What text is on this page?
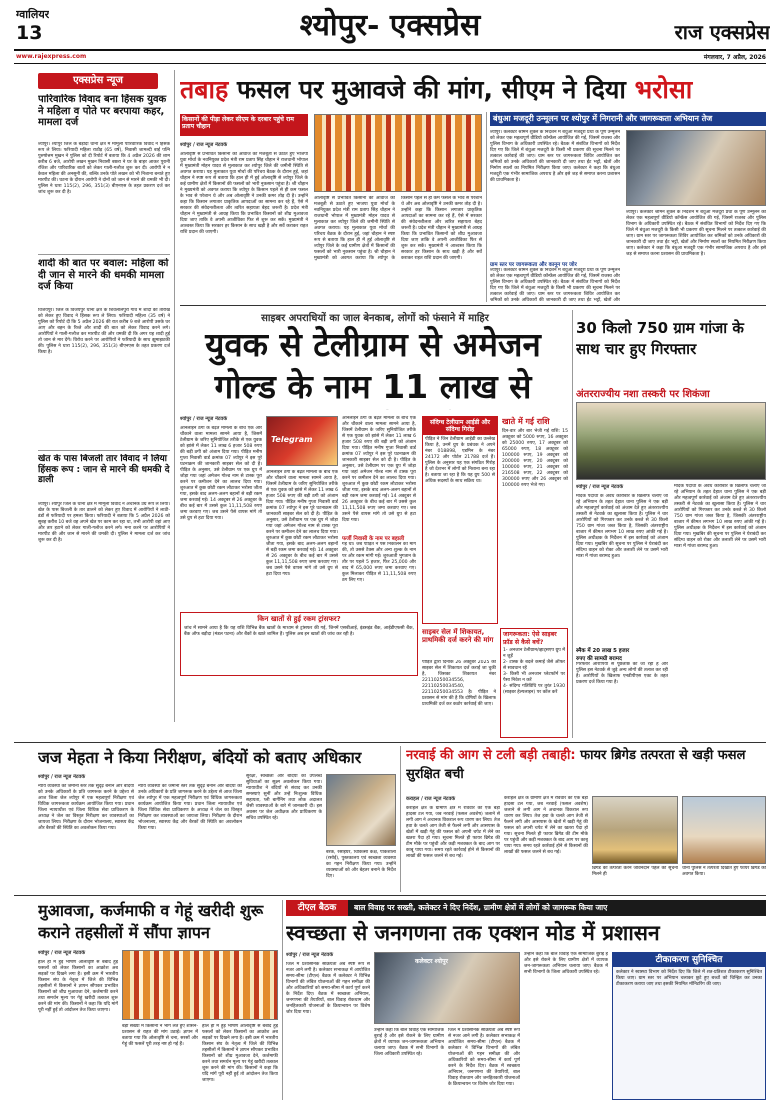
ग्वालियर
13	श्योपुर- एक्सप्रेस	राज एक्सप्रेस
www.rajexpress.com	मंगलवार, 7 अप्रैल, 2026
एक्सप्रेस न्यूज
पारिवारिक विवाद बना हिंसक युवक ने महिला व पोते पर बरपाया कहर, मामला दर्ज
श्योपुर। श्योपुर जिले के बड़ौदा थाना क्षेत्र में मामूली पारिवारिक विवाद ने हिंसक रूप ले लिया। फरियादी महिला राठौड़ (65 वर्ष), निवासी जामल्दी बाई पत्नि पुरुषोत्तम मुखन ने पुलिस को दी रिपोर्ट में बताया कि 4 अप्रैल 2026 की शाम करीब 6 बजे, आरोपी लखन मुखन निवासी बछरा ने घर के बाहर आकर पुरानी रंजिश और पारिवारिक बातों को लेकर गाली-गलौज शुरू कर दी। आरोपी ने न केवल महिला की अनसुनी की, बल्कि उनके पोते लखन को भी निशाना बनाते हुए मारपीट की। घटना के दौरान आरोपी ने दोनों को जान से मारने की धमकी भी दी। पुलिस ने धारा 115(2), 296, 351(3) बीएनएस के तहत प्रकरण दर्ज कर जांच शुरू कर दी है।
शादी की बात पर बवाल: महिला को दी जान से मारने की धमकी मामला दर्ज किया
विजयपुर। जिले के विजयपुर थाना क्षेत्र के शिवलालपुरा गांव में शादी की तारीख को लेकर हुए विवाद ने हिंसक रूप ले लिया। फरियादी महिला (35 वर्ष) ने पुलिस को रिपोर्ट दी कि 5 अप्रैल 2026 की रात करीब 9 बजे आरोपी उसके घर आए और बहन के रिश्ते और शादी की बात को लेकर विवाद करने लगे। आरोपियों ने गाली-गलौज कर मारपीट की और धमकी दी कि अगर यह शादी हुई तो जान से मार देंगे। विरोध करने पर आरोपियों ने फरियादी के साथ झूमाझटकी की। पुलिस ने धारा 115(2), 296, 351(3) बीएनएस के तहत प्रकरण दर्ज किया है।
खेत के पास बिजली तार विवाद ने लिया हिंसक रूप : जान से मारने की धमकी दे डाली
श्योपुर। श्योपुर जिले के थाना क्षेत्र में मामूली विवाद ने अचानक उग्र रूप ले लिया। खेत के पास बिजली के तार डालने को लेकर हुए विवाद में आरोपियों ने लाठी-डंडों से फरियादी पर हमला किया। फरियादी ने बताया कि 5 अप्रैल 2026 को सुबह करीब 10 बजे वह अपने खेत पर काम कर रहा था, तभी आरोपी वहां आए और तार हटाने को लेकर गाली-गलौज करने लगे। मना करने पर आरोपियों ने मारपीट की और जान से मारने की धमकी दी। पुलिस ने मामला दर्ज कर जांच शुरू कर दी है।
तबाह फसल पर मुआवजे की मांग, सीएम ने दिया भरोसा
किसानों की पीड़ा लेकर सीएम के दरबार पहुंचे राम प्रताप चौहान
श्योपुर / राज न्यूज नेटवर्क
ओलावृष्टि से प्रभावित किसानों की आवाज को मजबूती से उठाते हुए भाजपा युवा मोर्चा के नवनियुक्त प्रदेश मंत्री राम प्रताप सिंह चौहान ने राजधानी भोपाल में मुख्यमंत्री मोहन यादव से मुलाकात कर श्योपुर जिले की जमीनी स्थिति से अवगत कराया। यह मुलाकात युवा मोर्चा की परिचय बैठक के दौरान हुई, जहां चौहान ने स्पष्ट रूप से बताया कि हाल ही में हुई ओलावृष्टि से श्योपुर जिले के कई ग्रामीण क्षेत्रों में किसानों की फसलों को भारी नुकसान पहुंचा है। श्री चौहान ने मुख्यमंत्री को अवगत कराया कि श्योपुर के किसान पहले से ही कम फसल के भाव से परेशान थे और अब ओलावृष्टि ने उनकी कमर तोड़ दी है। उन्होंने कहा कि किसान लगातार प्राकृतिक आपदाओं का सामना कर रहे हैं, ऐसे में सरकार की संवेदनशीलता और त्वरित सहायता बेहद जरूरी है। प्रदेश मंत्री चौहान ने मुख्यमंत्री से आग्रह किया कि प्रभावित किसानों को शीघ्र मुआवजा दिया जाए ताकि वे अपनी आजीविका फिर से शुरू कर सकें। मुख्यमंत्री ने आश्वस्त किया कि सरकार हर किसान के साथ खड़ी है और सर्वे कराकर राहत राशि प्रदान की जाएगी।
ओलावृष्टि से प्रभावित किसानों की आवाज को मजबूती से उठाते हुए भाजपा युवा मोर्चा के नवनियुक्त प्रदेश मंत्री राम प्रताप सिंह चौहान ने राजधानी भोपाल में मुख्यमंत्री मोहन यादव से मुलाकात कर श्योपुर जिले की जमीनी स्थिति से अवगत कराया। यह मुलाकात युवा मोर्चा की परिचय बैठक के दौरान हुई, जहां चौहान ने स्पष्ट रूप से बताया कि हाल ही में हुई ओलावृष्टि से श्योपुर जिले के कई ग्रामीण क्षेत्रों में किसानों की फसलों को भारी नुकसान पहुंचा है। श्री चौहान ने मुख्यमंत्री को अवगत कराया कि श्योपुर के किसान पहले से ही कम फसल के भाव से परेशान थे और अब ओलावृष्टि ने उनकी कमर तोड़ दी है। उन्होंने कहा कि किसान लगातार प्राकृतिक आपदाओं का सामना कर रहे हैं, ऐसे में सरकार की संवेदनशीलता और त्वरित सहायता बेहद जरूरी है। प्रदेश मंत्री चौहान ने मुख्यमंत्री से आग्रह किया कि प्रभावित किसानों को शीघ्र मुआवजा दिया जाए ताकि वे अपनी आजीविका फिर से शुरू कर सकें। मुख्यमंत्री ने आश्वस्त किया कि सरकार हर किसान के साथ खड़ी है और सर्वे कराकर राहत राशि प्रदान की जाएगी।
बंधुआ मजदूरी उन्मूलन पर श्योपुर में निगरानी और जागरूकता अभियान तेज
श्योपुर। कलेक्टर श्रीमन शुक्ल के निर्देशन में बंधुआ मजदूरी प्रथा के पूर्ण उन्मूलन को लेकर एक महत्वपूर्ण वीडियो कॉन्फ्रेंस आयोजित की गई, जिसमें राजस्व और पुलिस विभाग के अधिकारी उपस्थित रहे। बैठक में संबंधित विभागों को निर्देश दिए गए कि जिले में बंधुआ मजदूरी के किसी भी प्रकरण की सूचना मिलने पर तत्काल कार्रवाई की जाए। ग्राम स्तर पर जागरूकता शिविर आयोजित कर श्रमिकों को उनके अधिकारों की जानकारी दी जाए तथा ईंट भट्टों, खेतों और निर्माण स्थलों का नियमित निरीक्षण किया जाए। कलेक्टर ने कहा कि बंधुआ मजदूरी एक गंभीर सामाजिक अपराध है और इसे जड़ से समाप्त करना प्रशासन की प्राथमिकता है।
श्योपुर। कलेक्टर श्रीमन शुक्ल के निर्देशन में बंधुआ मजदूरी प्रथा के पूर्ण उन्मूलन को लेकर एक महत्वपूर्ण वीडियो कॉन्फ्रेंस आयोजित की गई, जिसमें राजस्व और पुलिस विभाग के अधिकारी उपस्थित रहे। बैठक में संबंधित विभागों को निर्देश दिए गए कि जिले में बंधुआ मजदूरी के किसी भी प्रकरण की सूचना मिलने पर तत्काल कार्रवाई की जाए। ग्राम स्तर पर जागरूकता शिविर आयोजित कर श्रमिकों को उनके अधिकारों की जानकारी दी जाए तथा ईंट भट्टों, खेतों और निर्माण स्थलों का नियमित निरीक्षण किया जाए। कलेक्टर ने कहा कि बंधुआ मजदूरी एक गंभीर सामाजिक अपराध है और इसे जड़ से समाप्त करना प्रशासन की प्राथमिकता है।
ग्राम स्तर पर जागरूकता और कानून पर जोर
श्योपुर। कलेक्टर श्रीमन शुक्ल के निर्देशन में बंधुआ मजदूरी प्रथा के पूर्ण उन्मूलन को लेकर एक महत्वपूर्ण वीडियो कॉन्फ्रेंस आयोजित की गई, जिसमें राजस्व और पुलिस विभाग के अधिकारी उपस्थित रहे। बैठक में संबंधित विभागों को निर्देश दिए गए कि जिले में बंधुआ मजदूरी के किसी भी प्रकरण की सूचना मिलने पर तत्काल कार्रवाई की जाए। ग्राम स्तर पर जागरूकता शिविर आयोजित कर श्रमिकों को उनके अधिकारों की जानकारी दी जाए तथा ईंट भट्टों, खेतों और
साइबर अपराधियों का जाल बेनकाब, लोगों को फंसाने में माहिर
युवक से टेलीग्राम से अमेजन गोल्ड के नाम 11 लाख से
Telegram
श्योपुर / राज न्यूज नेटवर्क
ऑनलाइन ठगी के बढ़ते मामलों के बीच एक और चौंकाने वाला मामला सामने आया है, जिसमें टेलीग्राम के जरिए सुनियोजित तरीके से एक युवक को झांसे में लेकर 11 लाख 6 हजार 508 रुपए की बड़ी ठगी को अंजाम दिया गया। पीड़ित मनीष गुप्ता निवासी वार्ड क्रमांक 07 श्योपुर ने इस पूरे घटनाक्रम की जानकारी साइबर सेल को दी है। पीड़ित के अनुसार, उसे टेलीग्राम पर एक ग्रुप में जोड़ा गया जहां अमेजन गोल्ड नाम से टास्क पूरा करने पर कमीशन देने का लालच दिया गया। शुरुआत में कुछ छोटी रकम लौटाकर भरोसा जीता गया, इसके बाद अलग-अलग बहानों से बड़ी रकम जमा करवाई गई। 14 अक्टूबर से 26 अक्टूबर के बीच कई बार में उससे कुल 11,11,508 रुपए जमा करवाए गए। जब उसने पैसे वापस मांगे तो उसे ग्रुप से हटा दिया गया।
ऑनलाइन ठगी के बढ़ते मामलों के बीच एक और चौंकाने वाला मामला सामने आया है, जिसमें टेलीग्राम के जरिए सुनियोजित तरीके से एक युवक को झांसे में लेकर 11 लाख 6 हजार 508 रुपए की बड़ी ठगी को अंजाम दिया गया। पीड़ित मनीष गुप्ता निवासी वार्ड क्रमांक 07 श्योपुर ने इस पूरे घटनाक्रम की जानकारी साइबर सेल को दी है। पीड़ित के अनुसार, उसे टेलीग्राम पर एक ग्रुप में जोड़ा गया जहां अमेजन गोल्ड नाम से टास्क पूरा करने पर कमीशन देने का लालच दिया गया। शुरुआत में कुछ छोटी रकम लौटाकर भरोसा जीता गया, इसके बाद अलग-अलग बहानों से बड़ी रकम जमा करवाई गई। 14 अक्टूबर से 26 अक्टूबर के बीच कई बार में उससे कुल 11,11,508 रुपए जमा करवाए गए। जब उसने पैसे वापस मांगे तो उसे ग्रुप से हटा दिया गया।
ऑनलाइन ठगी के बढ़ते मामलों के बीच एक और चौंकाने वाला मामला सामने आया है, जिसमें टेलीग्राम के जरिए सुनियोजित तरीके से एक युवक को झांसे में लेकर 11 लाख 6 हजार 508 रुपए की बड़ी ठगी को अंजाम दिया गया। पीड़ित मनीष गुप्ता निवासी वार्ड क्रमांक 07 श्योपुर ने इस पूरे घटनाक्रम की जानकारी साइबर सेल को दी है। पीड़ित के अनुसार, उसे टेलीग्राम पर एक ग्रुप में जोड़ा गया जहां अमेजन गोल्ड नाम से टास्क पूरा करने पर कमीशन देने का लालच दिया गया। शुरुआत में कुछ छोटी रकम लौटाकर भरोसा जीता गया, इसके बाद अलग-अलग बहानों से बड़ी रकम जमा करवाई गई। 14 अक्टूबर से 26 अक्टूबर के बीच कई बार में उससे कुल 11,11,508 रुपए जमा करवाए गए। जब उसने पैसे वापस मांगे तो उसे ग्रुप से हटा दिया गया।
फर्जी निवासी के नाम पर बहाली
गई थीं। जब पीड़ित ने पैसे निकालने की मांग की, तो उससे टैक्स और अन्य शुल्क के नाम पर और रकम मांगी गई। शुरुआती भुगतान के तौर पर पहले 5 हजार, फिर 25,000 और बाद में 65,000 रुपए जमा करवाए गए। कुल मिलाकर पीड़ित से 11,11,508 रुपए ठग लिए गए।
किन खातों से हुई रकम ट्रांसफर?
जांच में सामने आया है कि यह राशि विभिन्न बैंक खातों के माध्यम से ट्रांसफर की गई, जिनमें एसबीआई, इंडसइंड बैंक, आईडीएफसी बैंक, बैंक ऑफ बड़ौदा (मंडल पटना) और बैंकों के खाते शामिल हैं। पुलिस अब इन खातों की जांच कर रही है।
संदिग्ध टेलीग्राम आईडी और संदिग्ध गिरोह
पीड़ित ने जिन टेलीग्राम आईडी का उल्लेख किया है, उनमें ग्रुप के प्रबंधक ने अपने नंबर 018898, एडमिन के नंबर 24172 और पोर्टल 21788 दर्ज हैं। पुलिस के अनुसार यह एक संगठित गिरोह है जो देशभर में लोगों को निशाना बना रहा है। बताया जा रहा है कि यह ग्रुप 500 से अधिक सदस्यों के साथ सक्रिय था।
खाते में गई राशि
दिन-वार और बार भेजी गई राशि: 15 अक्टूबर को 5000 रुपए, 16 अक्टूबर को 25000 रुपए, 17 अक्टूबर को 65000 रुपए, 18 अक्टूबर को 100000 रुपए, 19 अक्टूबर को 200000 रुपए, 20 अक्टूबर को 100000 रुपए, 21 अक्टूबर को 216508 रुपए, 22 अक्टूबर को 300000 रुपए और 26 अक्टूबर को 100000 रुपए भेजे गए।
साइबर सेल में शिकायत, प्राथमिकी दर्ज करने की मांग
पीड़ित द्वारा दिनांक 26 अक्टूबर 2025 को साइबर सेल में शिकायत दर्ज कराई जा चुकी है, जिसका शिकायत नंबर 22110250034556, 22110250034540, 22110250034553 है। पीड़ित ने प्रशासन से मांग की है कि दोषियों के खिलाफ प्राथमिकी दर्ज कर कठोर कार्रवाई की जाए।
जागरूकता: ऐसे साइबर फ्रॉड से कैसे बचें?
1- अनजान टेलीग्राम/व्हाट्सएप ग्रुप में न जुड़ें
2- टास्क के बदले कमाई जैसे ऑफर से सावधान रहें
3- किसी भी अनजान प्लेटफॉर्म पर पैसा निवेश न करें
4- संदिग्ध गतिविधि पर तुरंत 1930 (साइबर हेल्पलाइन) पर कॉल करें
30 किलो 750 ग्राम गांजा के साथ चार हुए गिरफ्तार
अंतरराज्यीय नशा तस्करी पर शिकंजा
श्योपुर / राज न्यूज नेटवर्क
मादक पदार्थों के अवैध कारोबार के खिलाफ चलाए जा रहे अभियान के तहत देहात थाना पुलिस ने एक बड़ी और महत्वपूर्ण कार्रवाई को अंजाम देते हुए अंतरराज्यीय तस्करी से नेटवर्क का खुलासा किया है। पुलिस ने चार आरोपियों को गिरफ्तार कर उनके कब्जे से 30 किलो 750 ग्राम गांजा जब्त किया है, जिसकी अंतरराष्ट्रीय बाजार में कीमत लगभग 10 लाख रुपए आंकी गई है। पुलिस अधीक्षक के निर्देशन में इस कार्रवाई को अंजाम दिया गया। मुखबिर की सूचना पर पुलिस ने घेराबंदी कर संदिग्ध वाहन को रोका और तलाशी लेने पर उसमें भारी मात्रा में गांजा बरामद हुआ।
स्मैक में 20 लाख 5 हजार
रुपए की सामग्री बरामद
गिरफ्तार आरोपियों से पूछताछ की जा रही है और पुलिस इस नेटवर्क से जुड़े अन्य लोगों की तलाश कर रही है। आरोपियों के खिलाफ एनडीपीएस एक्ट के तहत प्रकरण दर्ज किया गया है।
मादक पदार्थों के अवैध कारोबार के खिलाफ चलाए जा रहे अभियान के तहत देहात थाना पुलिस ने एक बड़ी और महत्वपूर्ण कार्रवाई को अंजाम देते हुए अंतरराज्यीय तस्करी से नेटवर्क का खुलासा किया है। पुलिस ने चार आरोपियों को गिरफ्तार कर उनके कब्जे से 30 किलो 750 ग्राम गांजा जब्त किया है, जिसकी अंतरराष्ट्रीय बाजार में कीमत लगभग 10 लाख रुपए आंकी गई है। पुलिस अधीक्षक के निर्देशन में इस कार्रवाई को अंजाम दिया गया। मुखबिर की सूचना पर पुलिस ने घेराबंदी कर संदिग्ध वाहन को रोका और तलाशी लेने पर उसमें भारी मात्रा में गांजा बरामद हुआ।
जज मेहता ने किया निरीक्षण, बंदियों को बताए अधिकार
श्योपुर / राज न्यूज नेटवर्क
न्याय व्यवस्था को जमीनी स्तर तक सुदृढ़ बनाने और बंदियों को उनके अधिकारों के प्रति जागरूक करने के उद्देश्य से आज जिला जेल श्योपुर में एक महत्वपूर्ण निरीक्षण एवं विधिक जागरूकता कार्यक्रम आयोजित किया गया। प्रधान जिला न्यायाधीश एवं जिला विधिक सेवा प्राधिकरण के अध्यक्ष ने जेल का विस्तृत निरीक्षण कर व्यवस्थाओं का जायजा लिया। निरीक्षण के दौरान भोजनालय, स्वास्थ्य केंद्र और बैरकों की स्थिति का अवलोकन किया गया।
न्याय व्यवस्था को जमीनी स्तर तक सुदृढ़ बनाने और बंदियों को उनके अधिकारों के प्रति जागरूक करने के उद्देश्य से आज जिला जेल श्योपुर में एक महत्वपूर्ण निरीक्षण एवं विधिक जागरूकता कार्यक्रम आयोजित किया गया। प्रधान जिला न्यायाधीश एवं जिला विधिक सेवा प्राधिकरण के अध्यक्ष ने जेल का विस्तृत निरीक्षण कर व्यवस्थाओं का जायजा लिया। निरीक्षण के दौरान भोजनालय, स्वास्थ्य केंद्र और बैरकों की स्थिति का अवलोकन किया गया।
सुरक्षा, स्वच्छता और बंदियों को उपलब्ध सुविधाओं का सूक्ष्म अवलोकन किया गया। न्यायाधीश ने बंदियों से संवाद कर उनकी समस्याएं सुनीं और उन्हें निःशुल्क विधिक सहायता, प्ली बार्गेनिंग तथा लोक अदालत जैसी व्यवस्थाओं के बारे में जानकारी दी। इस अवसर पर जेल अधीक्षक और प्राधिकरण के सचिव उपस्थित रहे।
बैरक, रसोईघर, चिकित्सा कक्ष, पाकशाला (रसोई), पुस्तकालय एवं स्वच्छता व्यवस्था का गहन निरीक्षण किया गया। उन्होंने व्यवस्थाओं को और बेहतर बनाने के निर्देश दिए।
नरवाई की आग से टली बड़ी तबाही: फायर ब्रिगेड तत्परता से खड़ी फसल सुरक्षित बची
कराहल / राज न्यूज नेटवर्क
कराहल क्षेत्र के ग्रामीण क्षेत्र में रविवार को एक बड़ा हादसा टल गया, जब नरवाई (फसल अवशेष) जलाने से लगी आग ने अचानक विकराल रूप धारण कर लिया। तेज हवा के चलते आग तेजी से फैलने लगी और आसपास के खेतों में खड़ी गेहूं की फसल को अपनी चपेट में लेने का खतरा पैदा हो गया। सूचना मिलते ही फायर ब्रिगेड की टीम मौके पर पहुंची और कड़ी मशक्कत के बाद आग पर काबू पाया गया। समय रहते कार्रवाई होने से किसानों की लाखों की फसल जलने से बच गई।
कराहल क्षेत्र के ग्रामीण क्षेत्र में रविवार को एक बड़ा हादसा टल गया, जब नरवाई (फसल अवशेष) जलाने से लगी आग ने अचानक विकराल रूप धारण कर लिया। तेज हवा के चलते आग तेजी से फैलने लगी और आसपास के खेतों में खड़ी गेहूं की फसल को अपनी चपेट में लेने का खतरा पैदा हो गया। सूचना मिलते ही फायर ब्रिगेड की टीम मौके पर पहुंची और कड़ी मशक्कत के बाद आग पर काबू पाया गया। समय रहते कार्रवाई होने से किसानों की लाखों की फसल जलने से बच गई।
ब्रिगेड की तत्परता करने जीवनदान पहल की सूचना मिलने ही
थाना पुलिस ने तत्परता दिखाते हुए फायर ब्रिगेड को अवगत किया।
मुआवजा, कर्जमाफी व गेहूं खरीदी शुरू कराने तहसीलों में सौंपा ज्ञापन
श्योपुर / राज न्यूज नेटवर्क
हाल ही में हुई भीषण ओलावृष्टि से बर्बाद हुई फसलों को लेकर किसानों का आक्रोश अब सड़कों पर दिखने लगा है। इसी क्रम में भारतीय किसान संघ के नेतृत्व में जिले की विभिन्न तहसीलों में किसानों ने ज्ञापन सौंपकर प्रभावित किसानों को शीघ्र मुआवजा देने, कर्जमाफी करने तथा समर्थन मूल्य पर गेहूं खरीदी तत्काल शुरू करने की मांग की। किसानों ने कहा कि यदि मांगें पूरी नहीं हुईं तो आंदोलन तेज किया जाएगा।
बड़ी संख्या में किसानों ने भाग लेते हुए शासन-प्रशासन से राहत की मांग उठाई। ज्ञापन में बताया गया कि ओलावृष्टि से चना, सरसों और गेहूं की फसलें पूरी तरह नष्ट हो गई हैं।
हाल ही में हुई भीषण ओलावृष्टि से बर्बाद हुई फसलों को लेकर किसानों का आक्रोश अब सड़कों पर दिखने लगा है। इसी क्रम में भारतीय किसान संघ के नेतृत्व में जिले की विभिन्न तहसीलों में किसानों ने ज्ञापन सौंपकर प्रभावित किसानों को शीघ्र मुआवजा देने, कर्जमाफी करने तथा समर्थन मूल्य पर गेहूं खरीदी तत्काल शुरू करने की मांग की। किसानों ने कहा कि यदि मांगें पूरी नहीं हुईं तो आंदोलन तेज किया जाएगा।
टीएल बैठक	बाल विवाह पर सख्ती, कलेक्टर ने दिए निर्देश, ग्रामीण क्षेत्रों में लोगों को जागरूक किया जाए
स्वच्छता से जनगणना तक एक्शन मोड में प्रशासन
श्योपुर / राज न्यूज नेटवर्क
जिले में प्रशासनिक सक्रियता अब स्पष्ट रूप से नजर आने लगी है। कलेक्टर सभाकक्ष में आयोजित समय-सीमा (टीएल) बैठक में कलेक्टर ने विभिन्न विभागों की लंबित योजनाओं की गहन समीक्षा की और अधिकारियों को समय-सीमा में कार्य पूर्ण करने के निर्देश दिए। बैठक में स्वच्छता अभियान, जनगणना की तैयारियों, बाल विवाह रोकथाम और जनहितकारी योजनाओं के क्रियान्वयन पर विशेष जोर दिया गया।
कलेक्टर श्योपुर
उन्होंने कहा कि बाल विवाह एक सामाजिक बुराई है और इसे रोकने के लिए ग्रामीण क्षेत्रों में व्यापक जन-जागरूकता अभियान चलाया जाए। बैठक में सभी विभागों के जिला अधिकारी उपस्थित रहे।
जिले में प्रशासनिक सक्रियता अब स्पष्ट रूप से नजर आने लगी है। कलेक्टर सभाकक्ष में आयोजित समय-सीमा (टीएल) बैठक में कलेक्टर ने विभिन्न विभागों की लंबित योजनाओं की गहन समीक्षा की और अधिकारियों को समय-सीमा में कार्य पूर्ण करने के निर्देश दिए। बैठक में स्वच्छता अभियान, जनगणना की तैयारियों, बाल विवाह रोकथाम और जनहितकारी योजनाओं के क्रियान्वयन पर विशेष जोर दिया गया।
उन्होंने कहा कि बाल विवाह एक सामाजिक बुराई है और इसे रोकने के लिए ग्रामीण क्षेत्रों में व्यापक जन-जागरूकता अभियान चलाया जाए। बैठक में सभी विभागों के जिला अधिकारी उपस्थित रहे।
टीकाकरण सुनिश्चित
कलेक्टर ने स्वास्थ्य विभाग को निर्देश दिए कि जिले में शत-प्रतिशत टीकाकरण सुनिश्चित किया जाए। ग्राम स्तर पर अभियान चलाकर छूटे हुए बच्चों को चिन्हित कर उनका टीकाकरण कराया जाए तथा इसकी नियमित मॉनिटरिंग की जाए।
